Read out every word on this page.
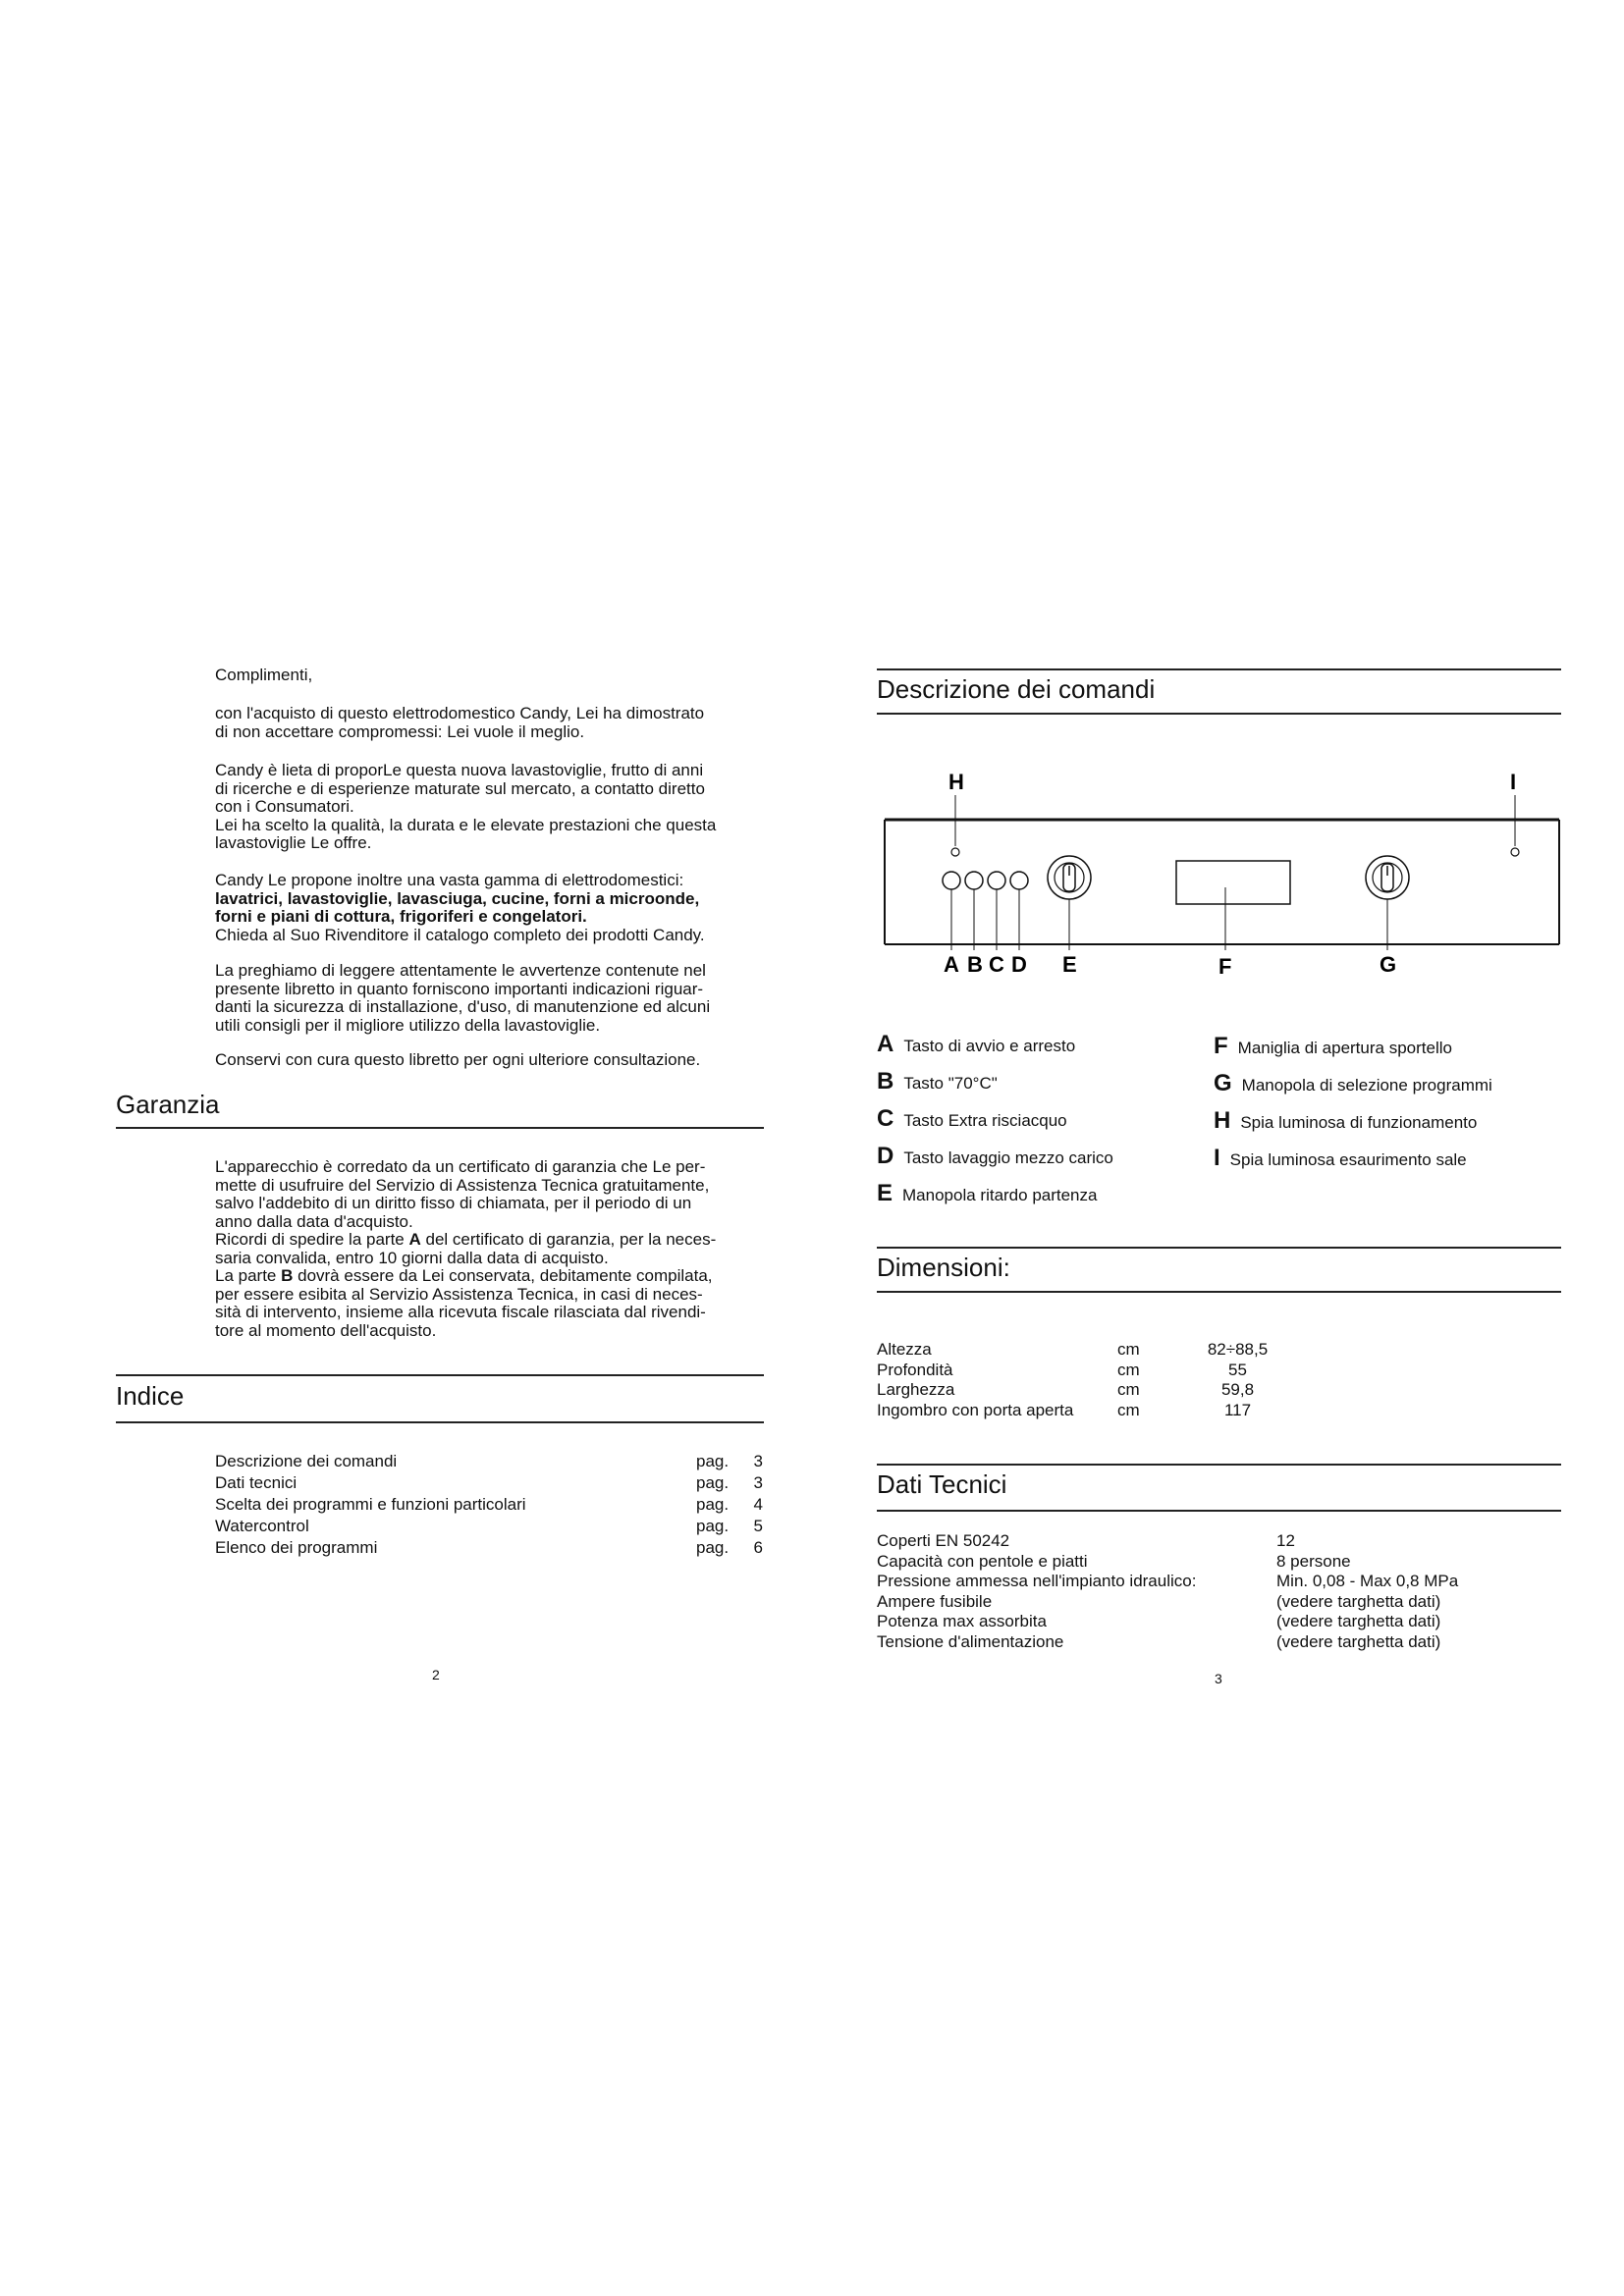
Complimenti,

con l'acquisto di questo elettrodomestico Candy, Lei ha dimostrato
di non accettare compromessi: Lei vuole il meglio.

Candy è lieta di proporLe questa nuova lavastoviglie, frutto di anni
di ricerche e di esperienze maturate sul mercato, a contatto diretto
con i Consumatori.
Lei ha scelto la qualità, la durata e le elevate prestazioni che questa
lavastoviglie Le offre.

Candy Le propone inoltre una vasta gamma di elettrodomestici:

lavatrici, lavastoviglie, lavasciuga, cucine, forni a microonde,
forni e piani di cottura, frigoriferi e congelatori.

Chieda al Suo Rivenditore il catalogo completo dei prodotti Candy.

La preghiamo di leggere attentamente le avvertenze contenute nel
presente libretto in quanto forniscono importanti indicazioni riguar-
danti la sicurezza di installazione, d'uso, di manutenzione ed alcuni
utili consigli per il migliore utilizzo della lavastoviglie.

Conservi con cura questo libretto per ogni ulteriore consultazione.

Garanzia

L'apparecchio è corredato da un certificato di garanzia che Le per-
mette di usufruire del Servizio di Assistenza Tecnica gratuitamente,
salvo l'addebito di un diritto fisso di chiamata, per il periodo di un
anno dalla data d'acquisto.
Ricordi di spedire la parte A del certificato di garanzia, per la neces-
saria convalida, entro 10 giorni dalla data di acquisto.
La parte B dovrà essere da Lei conservata, debitamente compilata,
per essere esibita al Servizio Assistenza Tecnica, in casi di neces-
sità di intervento, insieme alla ricevuta fiscale rilasciata dal rivendi-
tore al momento dell'acquisto.

Indice
Descrizione dei comandi	pag.	3
Dati tecnici	pag.	3
Scelta dei programmi e funzioni particolari	pag.	4
Watercontrol	pag.	5
Elenco dei programmi	pag.	6
2
Descrizione dei comandi
H	I
A B C D E	F	G
A Tasto di avvio e arresto
B Tasto "70°C"
C Tasto Extra risciacquo
D Tasto lavaggio mezzo carico
E Manopola ritardo partenza
F Maniglia di apertura sportello
G Manopola di selezione programmi
H Spia luminosa di funzionamento
I Spia luminosa esaurimento sale
Dimensioni:
Altezza	cm	82÷88,5
Profondità	cm	55
Larghezza	cm	59,8
Ingombro con porta aperta	cm	117
Dati Tecnici
Coperti EN 50242	12
Capacità con pentole e piatti	8 persone
Pressione ammessa nell'impianto idraulico:	Min. 0,08 - Max 0,8 MPa
Ampere fusibile	(vedere targhetta dati)
Potenza max assorbita	(vedere targhetta dati)
Tensione d'alimentazione	(vedere targhetta dati)
3
